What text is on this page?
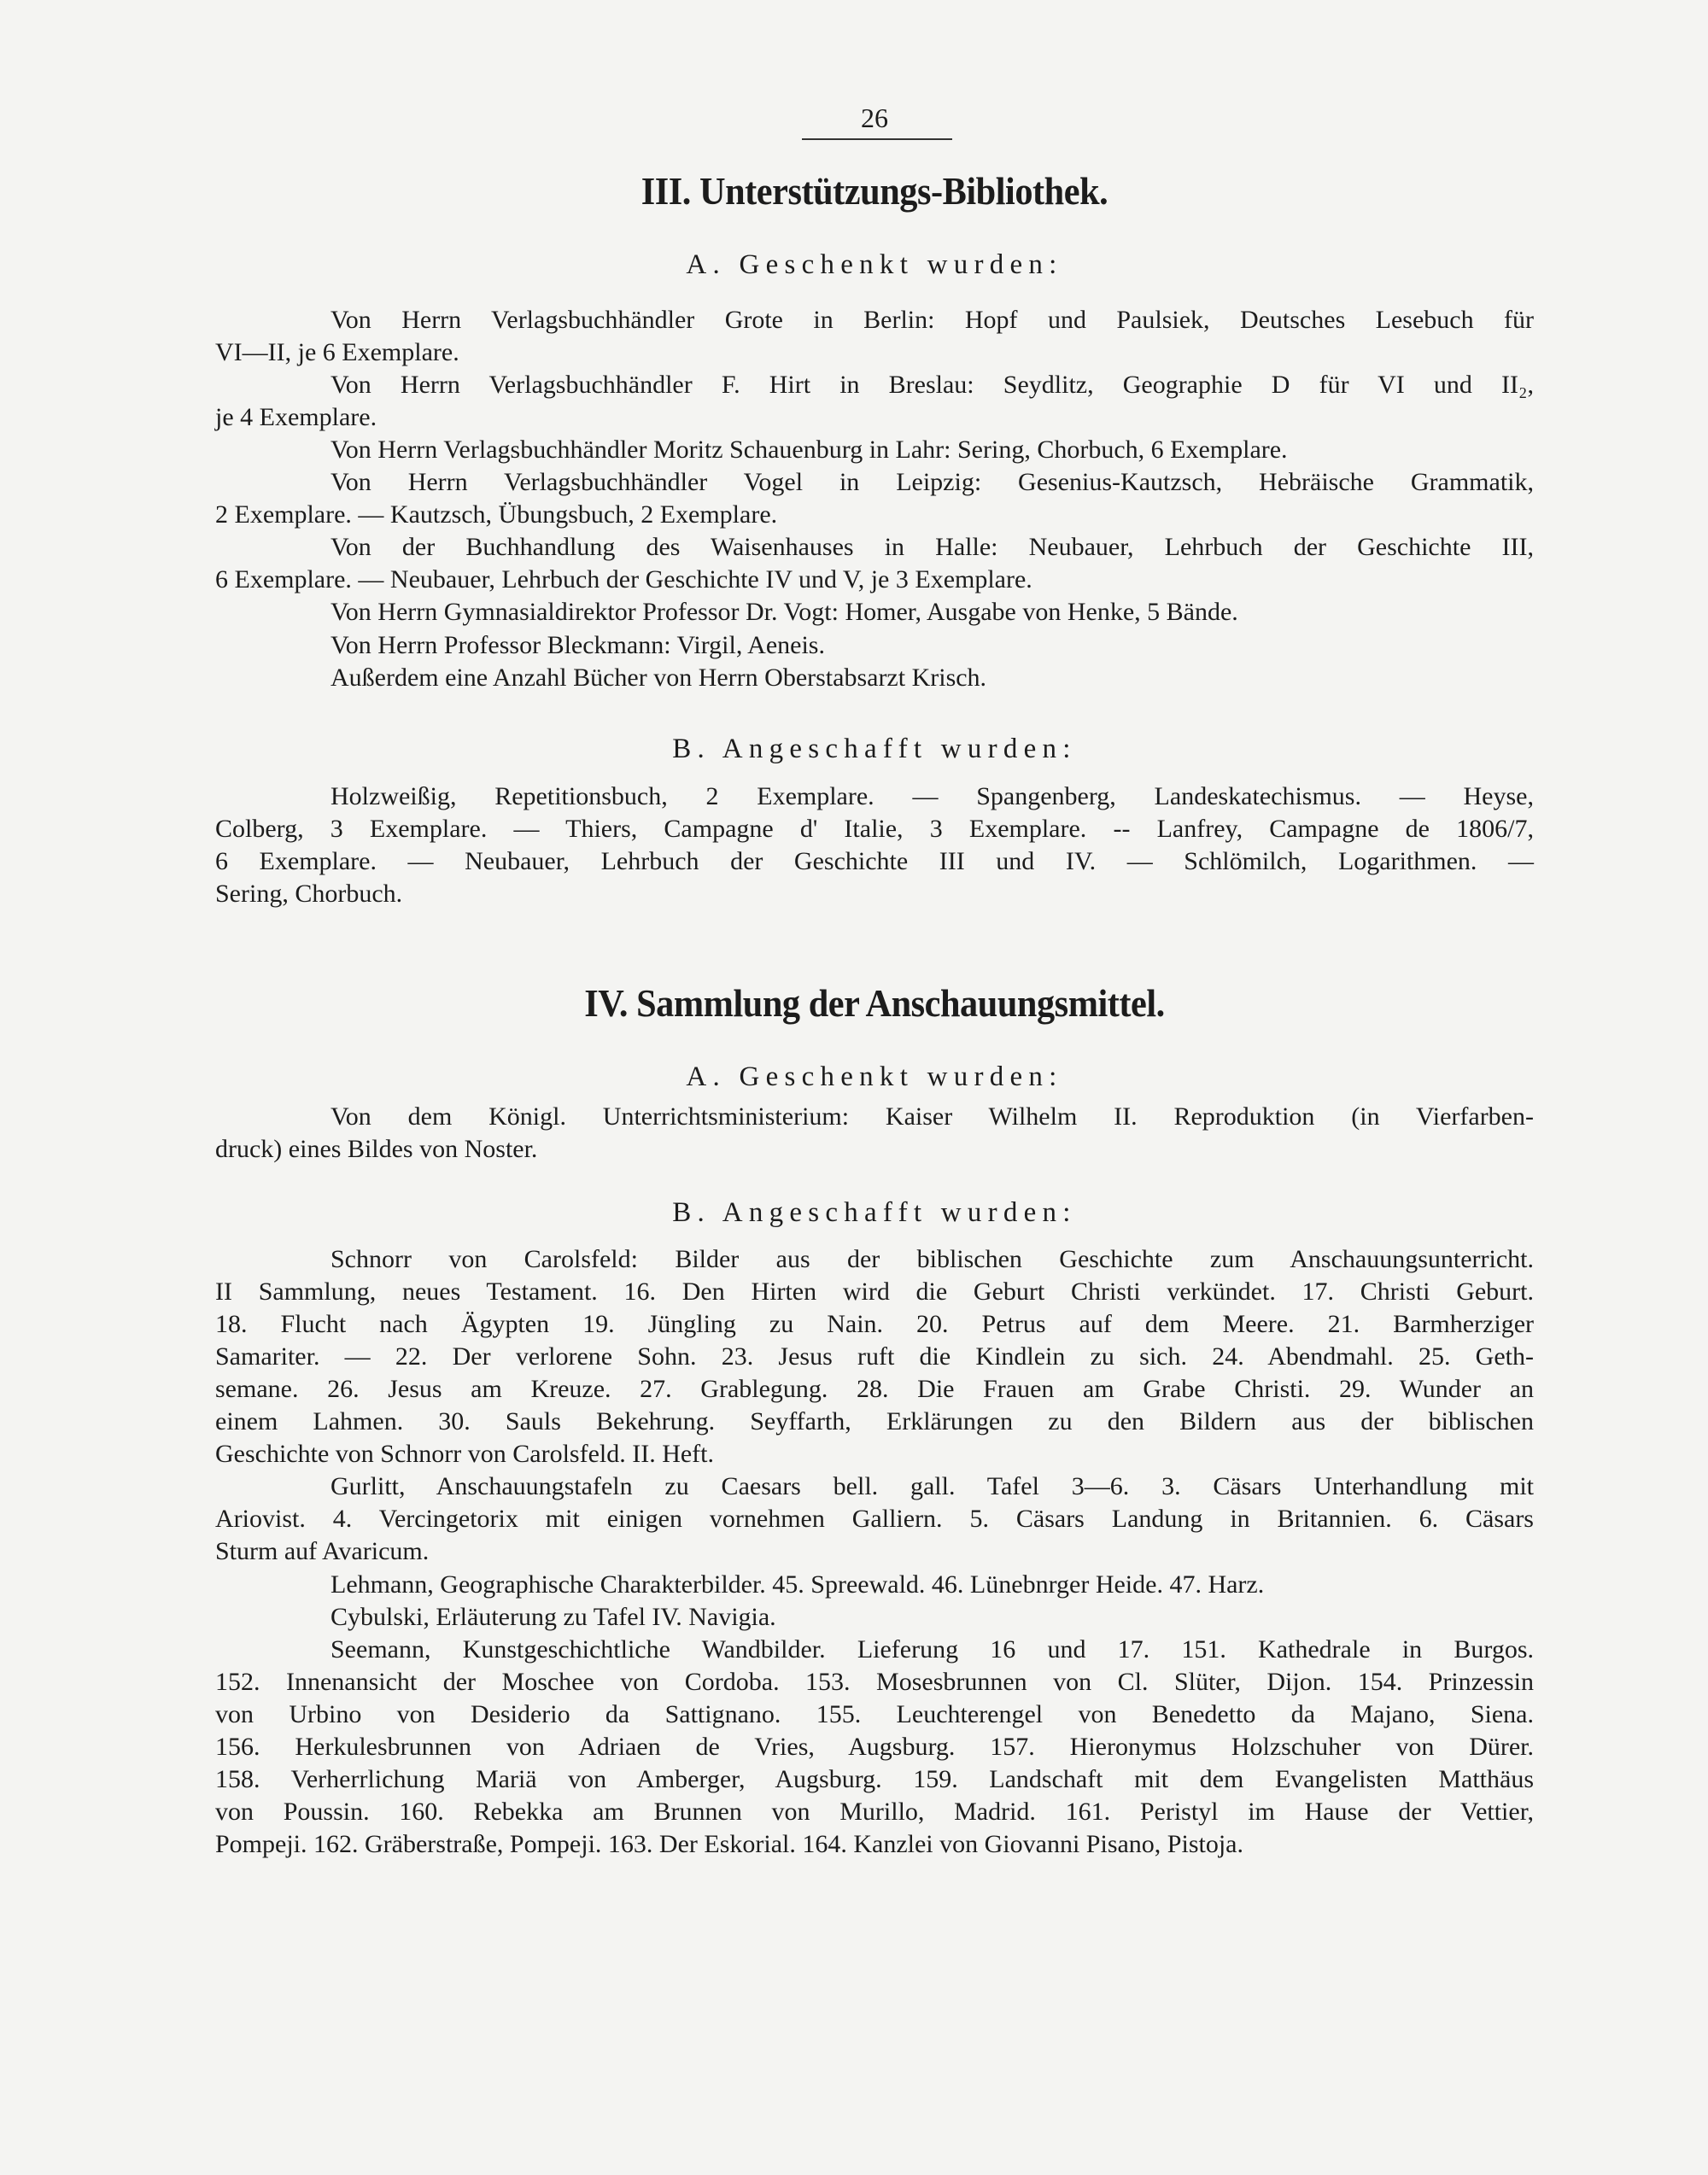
26
III. Unterstützungs-Bibliothek.
A. Geschenkt wurden:
Von Herrn Verlagsbuchhändler Grote in Berlin: Hopf und Paulsiek, Deutsches Lesebuch für
VI—II, je 6 Exemplare.
Von Herrn Verlagsbuchhändler F. Hirt in Breslau: Seydlitz, Geographie D für VI und II₂,
je 4 Exemplare.
Von Herrn Verlagsbuchhändler Moritz Schauenburg in Lahr: Sering, Chorbuch, 6 Exemplare.
Von Herrn Verlagsbuchhändler Vogel in Leipzig: Gesenius-Kautzsch, Hebräische Grammatik,
2 Exemplare. — Kautzsch, Übungsbuch, 2 Exemplare.
Von der Buchhandlung des Waisenhauses in Halle: Neubauer, Lehrbuch der Geschichte III,
6 Exemplare. — Neubauer, Lehrbuch der Geschichte IV und V, je 3 Exemplare.
Von Herrn Gymnasialdirektor Professor Dr. Vogt: Homer, Ausgabe von Henke, 5 Bände.
Von Herrn Professor Bleckmann: Virgil, Aeneis.
Außerdem eine Anzahl Bücher von Herrn Oberstabsarzt Krisch.
B. Angeschafft wurden:
Holzweißig, Repetitionsbuch, 2 Exemplare. — Spangenberg, Landeskatechismus. — Heyse,
Colberg, 3 Exemplare. — Thiers, Campagne d' Italie, 3 Exemplare. -- Lanfrey, Campagne de 1806/7,
6 Exemplare. — Neubauer, Lehrbuch der Geschichte III und IV. — Schlömilch, Logarithmen. —
Sering, Chorbuch.
IV. Sammlung der Anschauungsmittel.
A. Geschenkt wurden:
Von dem Königl. Unterrichtsministerium: Kaiser Wilhelm II. Reproduktion (in Vierfarben-
druck) eines Bildes von Noster.
B. Angeschafft wurden:
Schnorr von Carolsfeld: Bilder aus der biblischen Geschichte zum Anschauungsunterricht.
II Sammlung, neues Testament. 16. Den Hirten wird die Geburt Christi verkündet. 17. Christi Geburt.
18. Flucht nach Ägypten 19. Jüngling zu Nain. 20. Petrus auf dem Meere. 21. Barmherziger
Samariter. — 22. Der verlorene Sohn. 23. Jesus ruft die Kindlein zu sich. 24. Abendmahl. 25. Geth-
semane. 26. Jesus am Kreuze. 27. Grablegung. 28. Die Frauen am Grabe Christi. 29. Wunder an
einem Lahmen. 30. Sauls Bekehrung. Seyffarth, Erklärungen zu den Bildern aus der biblischen
Geschichte von Schnorr von Carolsfeld. II. Heft.
Gurlitt, Anschauungstafeln zu Caesars bell. gall. Tafel 3—6. 3. Cäsars Unterhandlung mit
Ariovist. 4. Vercingetorix mit einigen vornehmen Galliern. 5. Cäsars Landung in Britannien. 6. Cäsars
Sturm auf Avaricum.
Lehmann, Geographische Charakterbilder. 45. Spreewald. 46. Lünebnrger Heide. 47. Harz.
Cybulski, Erläuterung zu Tafel IV. Navigia.
Seemann, Kunstgeschichtliche Wandbilder. Lieferung 16 und 17. 151. Kathedrale in Burgos.
152. Innenansicht der Moschee von Cordoba. 153. Mosesbrunnen von Cl. Slüter, Dijon. 154. Prinzessin
von Urbino von Desiderio da Sattignano. 155. Leuchterengel von Benedetto da Majano, Siena.
156. Herkulesbrunnen von Adriaen de Vries, Augsburg. 157. Hieronymus Holzschuher von Dürer.
158. Verherrlichung Mariä von Amberger, Augsburg. 159. Landschaft mit dem Evangelisten Matthäus
von Poussin. 160. Rebekka am Brunnen von Murillo, Madrid. 161. Peristyl im Hause der Vettier,
Pompeji. 162. Gräberstraße, Pompeji. 163. Der Eskorial. 164. Kanzlei von Giovanni Pisano, Pistoja.
